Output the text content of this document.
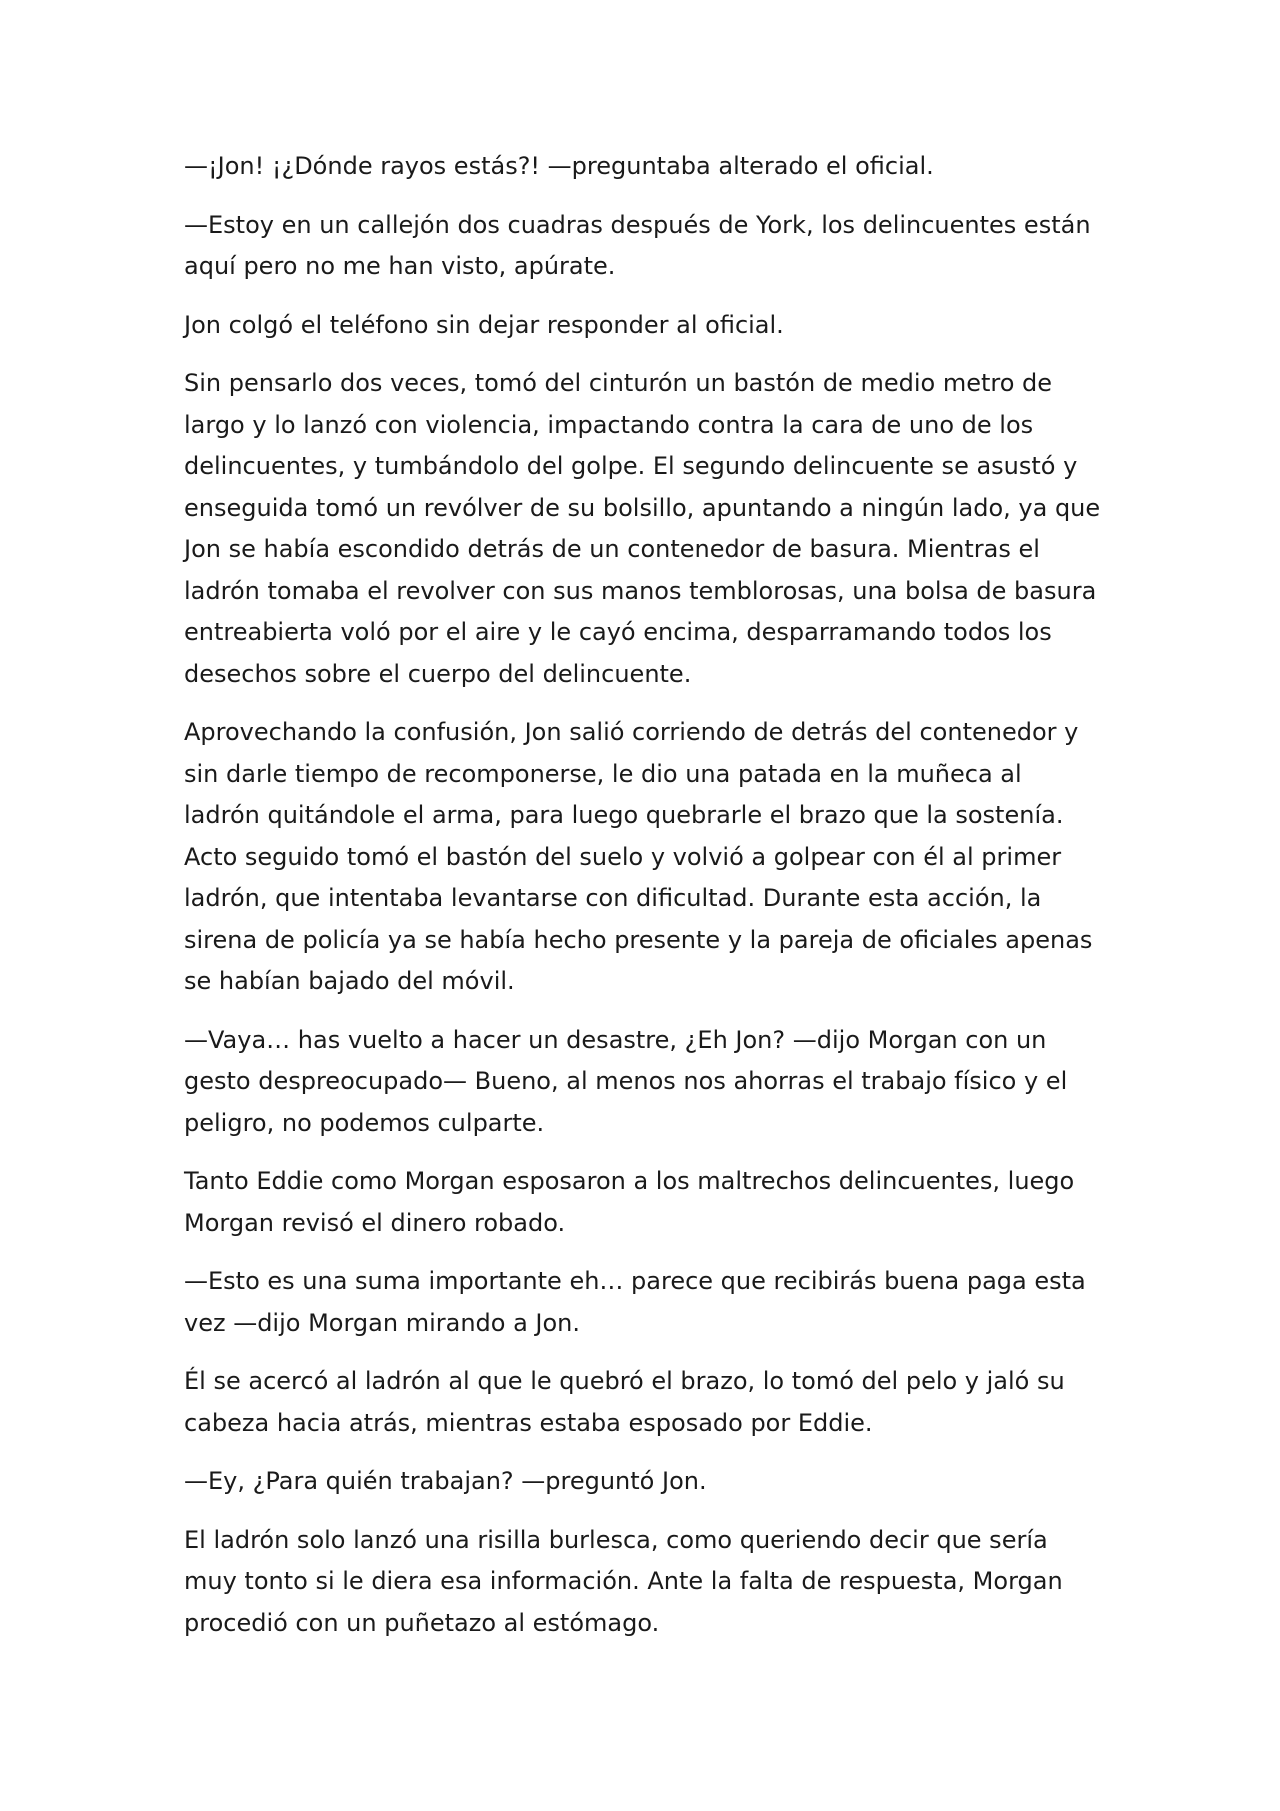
—¡Jon! ¡¿Dónde rayos estás?! —preguntaba alterado el oficial.

—Estoy en un callejón dos cuadras después de York, los delincuentes están aquí pero no me han visto, apúrate.

Jon colgó el teléfono sin dejar responder al oficial.

Sin pensarlo dos veces, tomó del cinturón un bastón de medio metro de largo y lo lanzó con violencia, impactando contra la cara de uno de los delincuentes, y tumbándolo del golpe. El segundo delincuente se asustó y enseguida tomó un revólver de su bolsillo, apuntando a ningún lado, ya que Jon se había escondido detrás de un contenedor de basura. Mientras el ladrón tomaba el revolver con sus manos temblorosas, una bolsa de basura entreabierta voló por el aire y le cayó encima, desparramando todos los desechos sobre el cuerpo del delincuente.

Aprovechando la confusión, Jon salió corriendo de detrás del contenedor y sin darle tiempo de recomponerse, le dio una patada en la muñeca al ladrón quitándole el arma, para luego quebrarle el brazo que la sostenía. Acto seguido tomó el bastón del suelo y volvió a golpear con él al primer ladrón, que intentaba levantarse con dificultad. Durante esta acción, la sirena de policía ya se había hecho presente y la pareja de oficiales apenas se habían bajado del móvil.

—Vaya… has vuelto a hacer un desastre, ¿Eh Jon? —dijo Morgan con un gesto despreocupado— Bueno, al menos nos ahorras el trabajo físico y el peligro, no podemos culparte.

Tanto Eddie como Morgan esposaron a los maltrechos delincuentes, luego Morgan revisó el dinero robado.

—Esto es una suma importante eh… parece que recibirás buena paga esta vez —dijo Morgan mirando a Jon.

Él se acercó al ladrón al que le quebró el brazo, lo tomó del pelo y jaló su cabeza hacia atrás, mientras estaba esposado por Eddie.

—Ey, ¿Para quién trabajan? —preguntó Jon.

El ladrón solo lanzó una risilla burlesca, como queriendo decir que sería muy tonto si le diera esa información. Ante la falta de respuesta, Morgan procedió con un puñetazo al estómago.
